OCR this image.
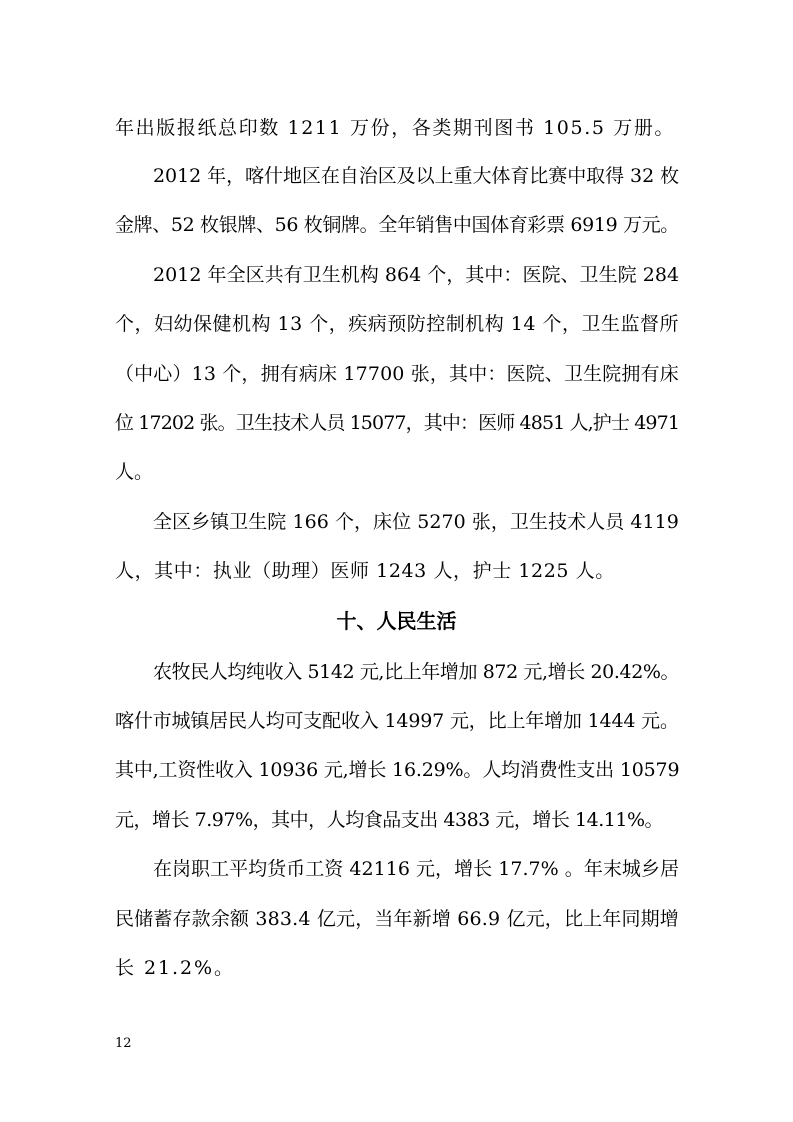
年出版报纸总印数 1211 万份，各类期刊图书 105.5 万册。

2012 年，喀什地区在自治区及以上重大体育比赛中取得 32 枚

金牌、52 枚银牌、56 枚铜牌。全年销售中国体育彩票 6919 万元。

2012 年全区共有卫生机构 864 个，其中：医院、卫生院 284

个，妇幼保健机构 13 个，疾病预防控制机构 14 个，卫生监督所

（中心）13 个，拥有病床 17700 张，其中：医院、卫生院拥有床

位 17202 张。卫生技术人员 15077，其中：医师 4851 人,护士 4971

人。

全区乡镇卫生院 166 个，床位 5270 张，卫生技术人员 4119

人，其中：执业（助理）医师 1243 人，护士 1225 人。

十、人民生活

农牧民人均纯收入 5142 元,比上年增加 872 元,增长 20.42%。

喀什市城镇居民人均可支配收入 14997 元，比上年增加 1444 元。

其中,工资性收入 10936 元,增长 16.29%。人均消费性支出 10579

元，增长 7.97%，其中，人均食品支出 4383 元，增长 14.11%。

在岗职工平均货币工资 42116 元，增长 17.7% 。年末城乡居

民储蓄存款余额 383.4 亿元，当年新增 66.9 亿元，比上年同期增

长 21.2%。

12
